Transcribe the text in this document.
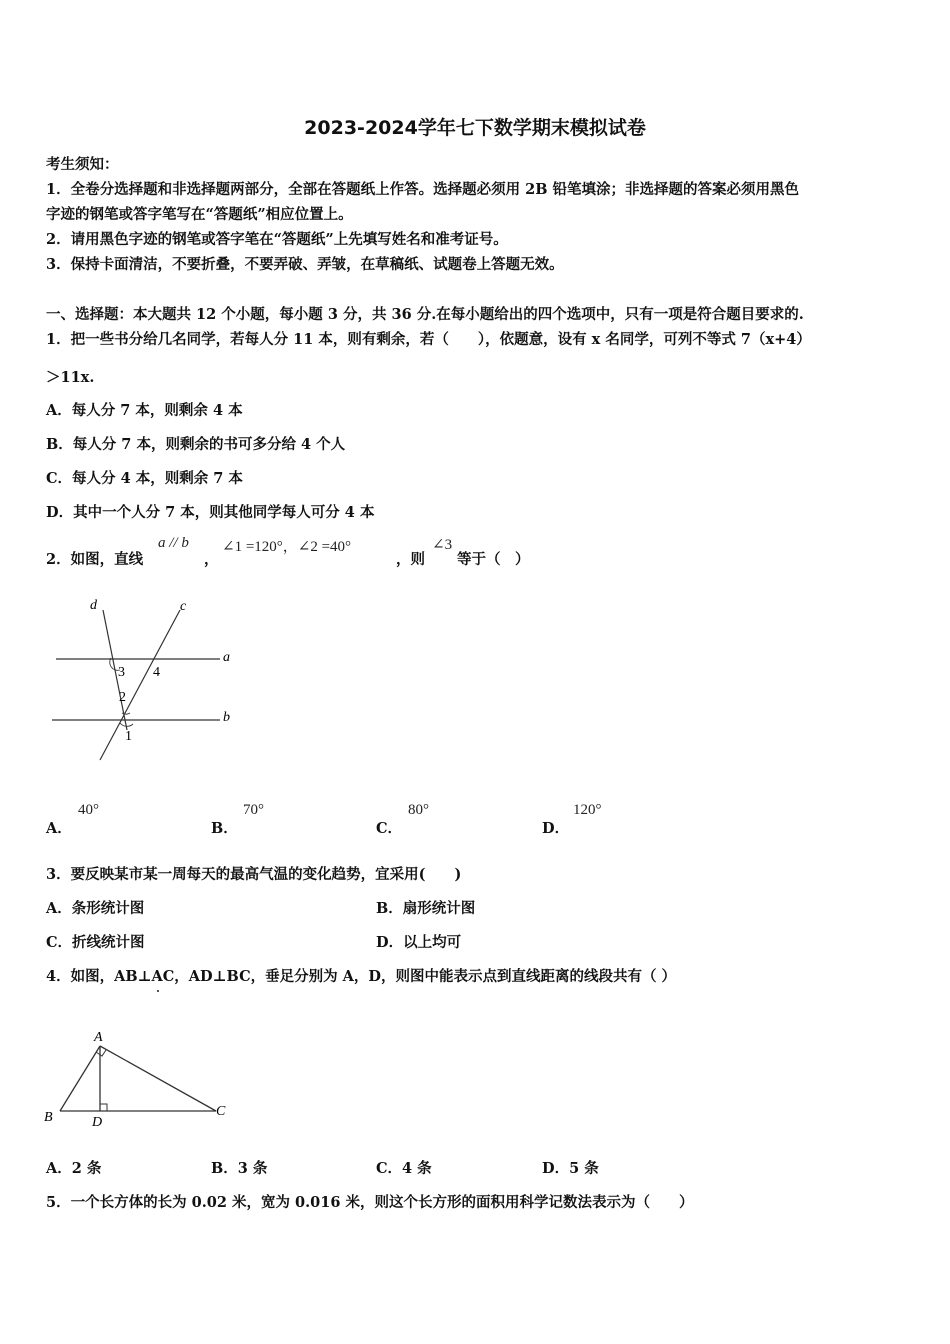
2023-2024学年七下数学期末模拟试卷
考生须知：
1．全卷分选择题和非选择题两部分，全部在答题纸上作答。选择题必须用 2B 铅笔填涂；非选择题的答案必须用黑色
字迹的钢笔或答字笔写在“答题纸”相应位置上。
2．请用黑色字迹的钢笔或答字笔在“答题纸”上先填写姓名和准考证号。
3．保持卡面清洁，不要折叠，不要弄破、弄皱，在草稿纸、试题卷上答题无效。
一、选择题：本大题共 12 个小题，每小题 3 分，共 36 分.在每小题给出的四个选项中，只有一项是符合题目要求的.
1．把一些书分给几名同学，若每人分 11 本，则有剩余，若（　　），依题意，设有 x 名同学，可列不等式 7（x+4）
＞11x.
A．每人分 7 本，则剩余 4 本
B．每人分 7 本，则剩余的书可多分给 4 个人
C．每人分 4 本，则剩余 7 本
D．其中一个人分 7 本，则其他同学每人可分 4 本
2．如图，直线
a // b
，
∠1 =120°，∠2 =40°
，则
∠3
等于（　）
d	c
a
b
3 4
2
1
A．
40°
B．
70°
C．
80°
D．
120°
3．要反映某市某一周每天的最高气温的变化趋势，宜采用(　　)
A．条形统计图	B．扇形统计图
C．折线统计图	D．以上均可
4．如图，AB⊥AC，AD⊥BC，垂足分别为 A，D，则图中能表示点到直线距离的线段共有（ ）
A
B	C
D
A．2 条	B．3 条	C．4 条	D．5 条
5．一个长方体的长为 0.02 米，宽为 0.016 米，则这个长方形的面积用科学记数法表示为（　　）
